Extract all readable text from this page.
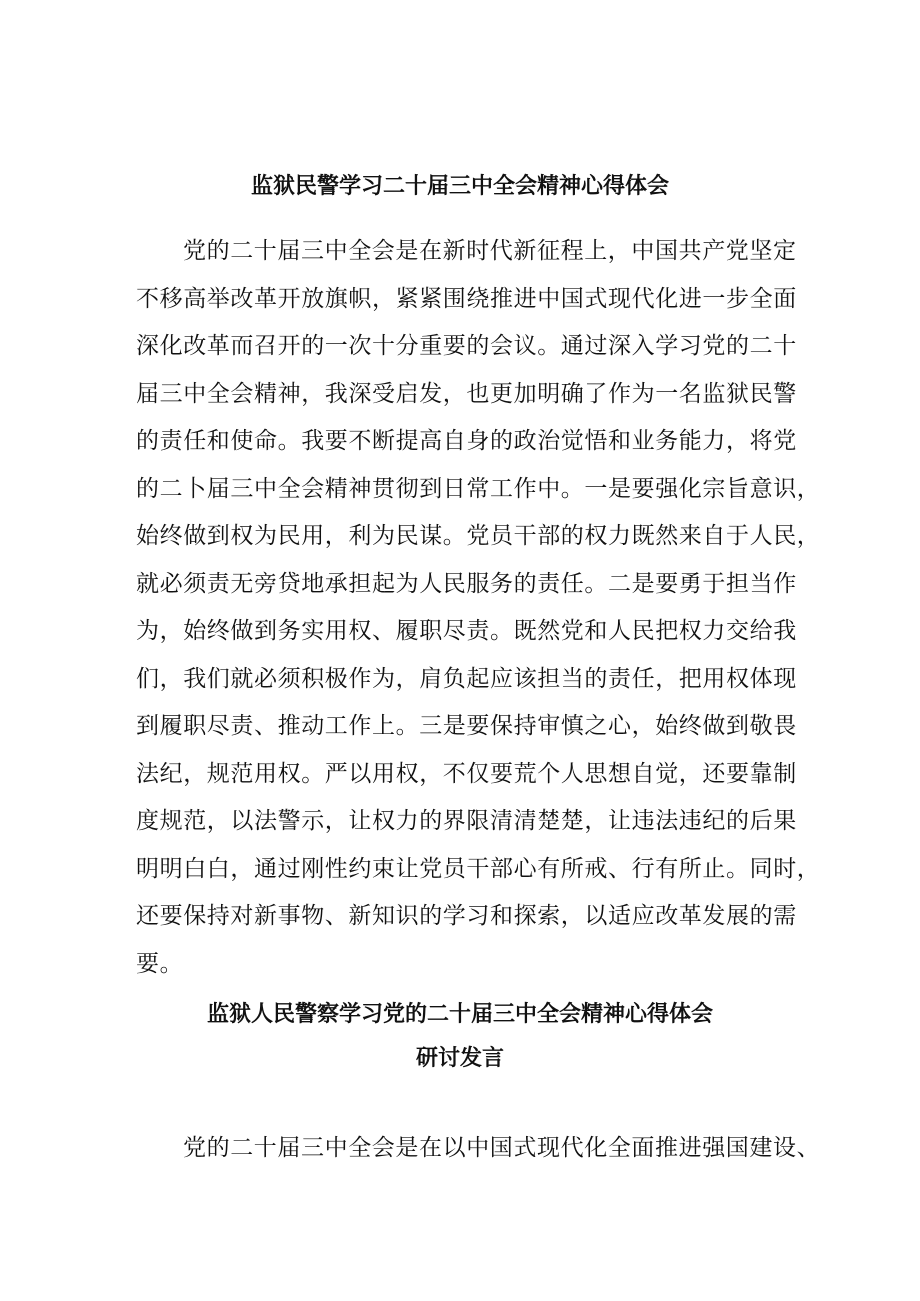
监狱民警学习二十届三中全会精神心得体会
党的二十届三中全会是在新时代新征程上，中国共产党坚定
不移高举改革开放旗帜，紧紧围绕推进中国式现代化进一步全面
深化改革而召开的一次十分重要的会议。通过深入学习党的二十
届三中全会精神，我深受启发，也更加明确了作为一名监狱民警
的责任和使命。我要不断提高自身的政治觉悟和业务能力，将党
的二卜届三中全会精神贯彻到日常工作中。一是要强化宗旨意识，
始终做到权为民用，利为民谋。党员干部的权力既然来自于人民，
就必须责无旁贷地承担起为人民服务的责任。二是要勇于担当作
为，始终做到务实用权、履职尽责。既然党和人民把权力交给我
们，我们就必须积极作为，肩负起应该担当的责任，把用权体现
到履职尽责、推动工作上。三是要保持审慎之心，始终做到敬畏
法纪，规范用权。严以用权，不仅要荒个人思想自觉，还要靠制
度规范，以法警示，让权力的界限清清楚楚，让违法违纪的后果
明明白白，通过刚性约束让党员干部心有所戒、行有所止。同时，
还要保持对新事物、新知识的学习和探索，以适应改革发展的需
要。
监狱人民警察学习党的二十届三中全会精神心得体会
研讨发言
党的二十届三中全会是在以中国式现代化全面推进强国建设、
